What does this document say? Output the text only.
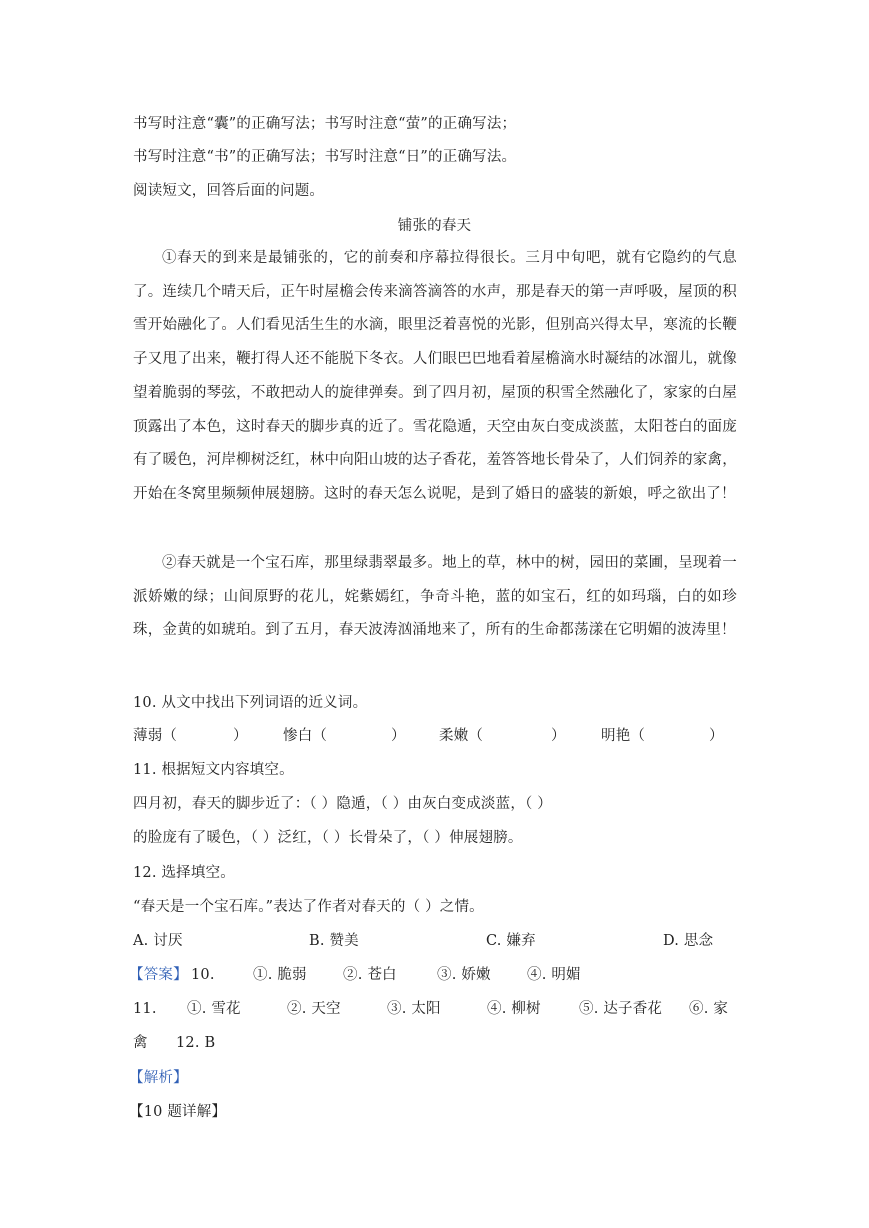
书写时注意“囊”的正确写法；书写时注意“萤”的正确写法；
书写时注意“书”的正确写法；书写时注意“日”的正确写法。
阅读短文，回答后面的问题。
铺张的春天

①春天的到来是最铺张的，它的前奏和序幕拉得很长。三月中旬吧，就有它隐约的气息了。连续几个晴天后，正午时屋檐会传来滴答滴答的水声，那是春天的第一声呼吸，屋顶的积雪开始融化了。人们看见活生生的水滴，眼里泛着喜悦的光影，但别高兴得太早，寒流的长鞭子又甩了出来，鞭打得人还不能脱下冬衣。人们眼巴巴地看着屋檐滴水时凝结的冰溜儿，就像望着脆弱的琴弦，不敢把动人的旋律弹奏。到了四月初，屋顶的积雪全然融化了，家家的白屋顶露出了本色，这时春天的脚步真的近了。雪花隐遁，天空由灰白变成淡蓝，太阳苍白的面庞有了暖色，河岸柳树泛红，林中向阳山坡的达子香花，羞答答地长骨朵了，人们饲养的家禽，开始在冬窝里频频伸展翅膀。这时的春天怎么说呢，是到了婚日的盛装的新娘，呼之欲出了！

②春天就是一个宝石库，那里绿翡翠最多。地上的草，林中的树，园田的菜圃，呈现着一派娇嫩的绿；山间原野的花儿，姹紫嫣红，争奇斗艳，蓝的如宝石，红的如玛瑙，白的如珍珠，金黄的如琥珀。到了五月，春天波涛汹涌地来了，所有的生命都荡漾在它明媚的波涛里！

10. 从文中找出下列词语的近义词。
薄弱（	） 惨白（	） 柔嫩（	） 明艳（	）
11. 根据短文内容填空。
四月初，春天的脚步近了：（ ）隐遁，（ ）由灰白变成淡蓝，（ ）
的脸庞有了暖色，（ ）泛红，（ ）长骨朵了，（ ）伸展翅膀。
12. 选择填空。
“春天是一个宝石库。”表达了作者对春天的（ ）之情。
A. 讨厌	B. 赞美	C. 嫌弃	D. 思念
【答案】 10.	①. 脆弱	②. 苍白	③. 娇嫩	④. 明媚
11. ①. 雪花	②. 天空	③. 太阳	④. 柳树	⑤. 达子香花 ⑥. 家
禽 12. B
【解析】
【10 题详解】
